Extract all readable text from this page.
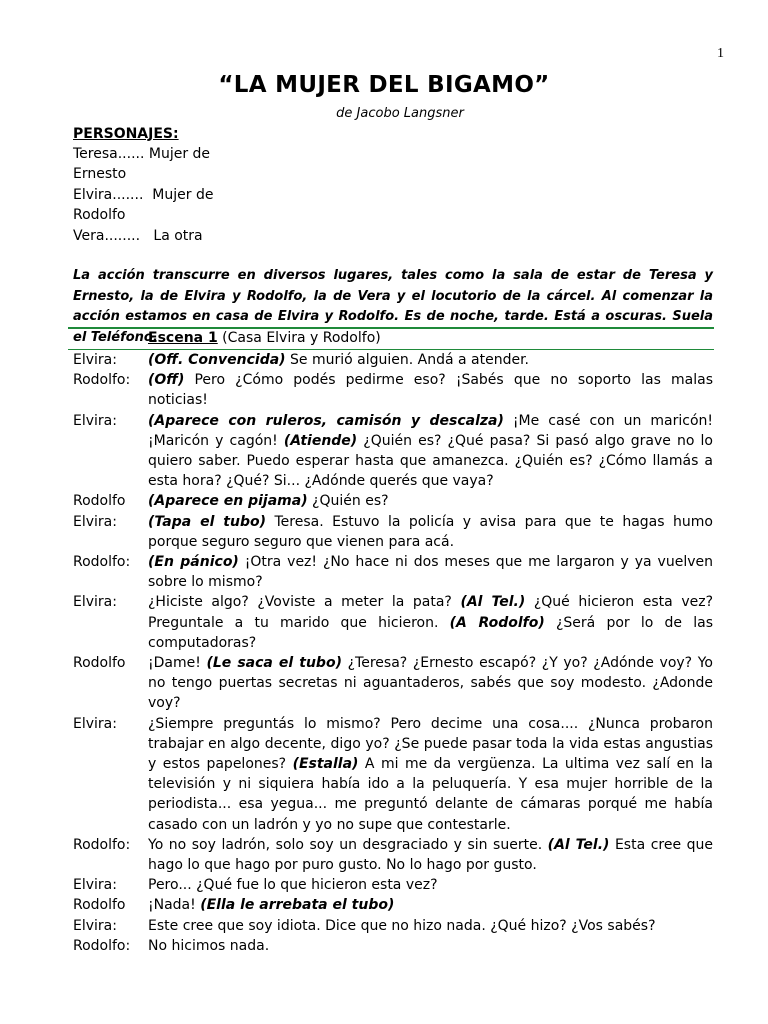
1
“LA MUJER DEL BIGAMO”
de Jacobo Langsner
PERSONAJES:
Teresa...... Mujer de
Ernesto
Elvira.......  Mujer de
Rodolfo
Vera........   La otra
La acción transcurre en diversos lugares, tales como la sala de estar de Teresa y Ernesto, la de Elvira y Rodolfo, la de Vera y el locutorio de la cárcel. Al comenzar la acción estamos en casa de Elvira y Rodolfo. Es de noche, tarde. Está a oscuras. Suela el Teléfono.
Escena 1 (Casa Elvira y Rodolfo)
Elvira:	(Off. Convencida) Se murió alguien. Andá a atender.
Rodolfo:	(Off) Pero ¿Cómo podés pedirme eso? ¡Sabés que no soporto las malas noticias!
Elvira:	(Aparece con ruleros, camisón y descalza) ¡Me casé con un maricón! ¡Maricón y cagón! (Atiende) ¿Quién es? ¿Qué pasa? Si pasó algo grave no lo quiero saber. Puedo esperar hasta que amanezca. ¿Quién es? ¿Cómo llamás a esta hora? ¿Qué? Si... ¿Adónde querés que vaya?
Rodolfo	(Aparece en pijama) ¿Quién es?
Elvira:	(Tapa el tubo) Teresa. Estuvo la policía y avisa para que te hagas humo porque seguro seguro que vienen para acá.
Rodolfo:	(En pánico) ¡Otra vez! ¿No hace ni dos meses que me largaron y ya vuelven sobre lo mismo?
Elvira:	¿Hiciste algo? ¿Voviste a meter la pata? (Al Tel.) ¿Qué hicieron esta vez? Preguntale a tu marido que hicieron. (A Rodolfo) ¿Será por lo de las computadoras?
Rodolfo	¡Dame! (Le saca el tubo) ¿Teresa? ¿Ernesto escapó? ¿Y yo? ¿Adónde voy? Yo no tengo puertas secretas ni aguantaderos, sabés que soy modesto. ¿Adonde voy?
Elvira:	¿Siempre preguntás lo mismo? Pero decime una cosa.... ¿Nunca probaron trabajar en algo decente, digo yo? ¿Se puede pasar toda la vida estas angustias y estos papelones? (Estalla) A mi me da vergüenza. La ultima vez salí en la televisión y ni siquiera había ido a la peluquería. Y esa mujer horrible de la periodista... esa yegua... me preguntó delante de cámaras porqué me había casado con un ladrón y yo no supe que contestarle.
Rodolfo:	Yo no soy ladrón, solo soy un desgraciado y sin suerte. (Al Tel.) Esta cree que hago lo que hago por puro gusto. No lo hago por gusto.
Elvira:	Pero... ¿Qué fue lo que hicieron esta vez?
Rodolfo	¡Nada! (Ella le arrebata el tubo)
Elvira:	Este cree que soy idiota. Dice que no hizo nada. ¿Qué hizo? ¿Vos sabés?
Rodolfo:	No hicimos nada.
